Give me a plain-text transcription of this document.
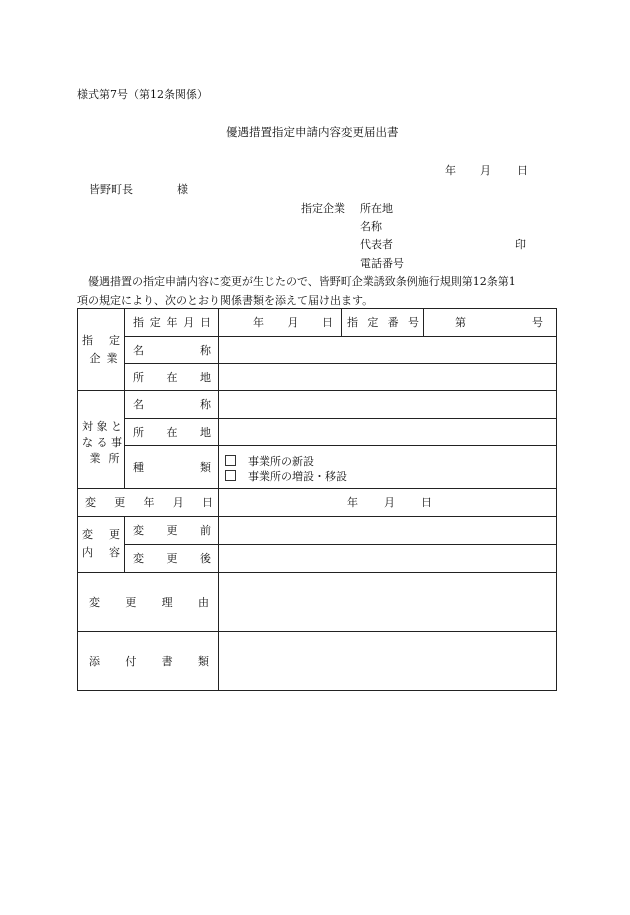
様式第7号（第12条関係）
優遇措置指定申請内容変更届出書
年 月 日
皆野町長	様
指定企業 所在地
名称
代表者	印
電話番号
優遇措置の指定申請内容に変更が生じたので、皆野町企業誘致条例施行規則第12条第1
項の規定により、次のとおり関係書類を添えて届け出ます。
指 定
企 業
指 定 年 月 日	年 月 日 指 定 番 号	第	号
名	称
所 在 地
対 象 と
な る 事
業 所
名	称
所 在 地
種	類	事業所の新設
事業所の増設・移設
変 更 年 月 日	年 月 日
変 更
内 容
変 更 前
変 更 後
変 更 理 由
添 付 書 類
